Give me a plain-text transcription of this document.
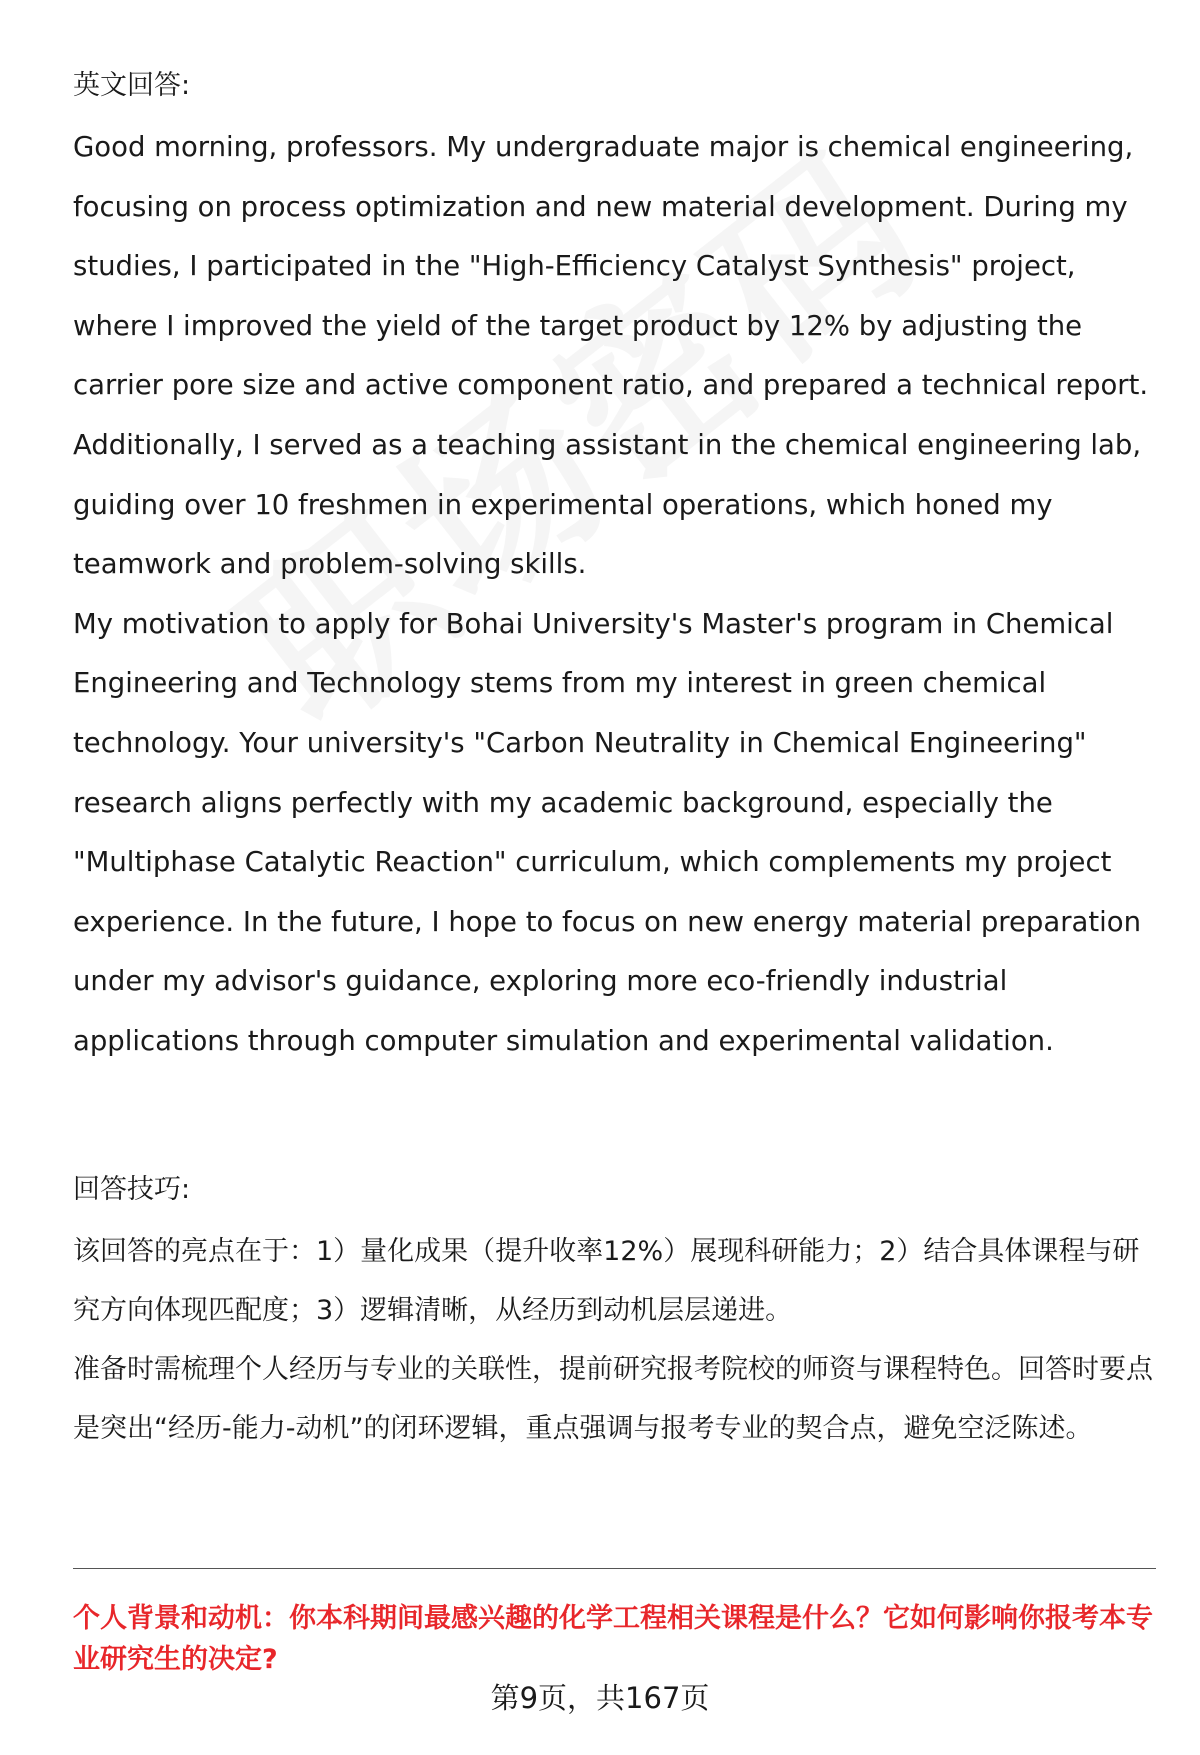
英文回答:

Good morning, professors. My undergraduate major is chemical engineering, focusing on process optimization and new material development. During my studies, I participated in the "High-Efficiency Catalyst Synthesis" project, where I improved the yield of the target product by 12% by adjusting the carrier pore size and active component ratio, and prepared a technical report. Additionally, I served as a teaching assistant in the chemical engineering lab, guiding over 10 freshmen in experimental operations, which honed my teamwork and problem-solving skills.

My motivation to apply for Bohai University's Master's program in Chemical Engineering and Technology stems from my interest in green chemical technology. Your university's "Carbon Neutrality in Chemical Engineering" research aligns perfectly with my academic background, especially the "Multiphase Catalytic Reaction" curriculum, which complements my project experience. In the future, I hope to focus on new energy material preparation under my advisor's guidance, exploring more eco-friendly industrial applications through computer simulation and experimental validation.

回答技巧:

该回答的亮点在于：1）量化成果（提升收率12%）展现科研能力；2）结合具体课程与研究方向体现匹配度；3）逻辑清晰，从经历到动机层层递进。

准备时需梳理个人经历与专业的关联性，提前研究报考院校的师资与课程特色。回答时要点是突出“经历-能力-动机”的闭环逻辑，重点强调与报考专业的契合点，避免空泛陈述。

个人背景和动机：你本科期间最感兴趣的化学工程相关课程是什么？它如何影响你报考本专业研究生的决定?

第9页，共167页
